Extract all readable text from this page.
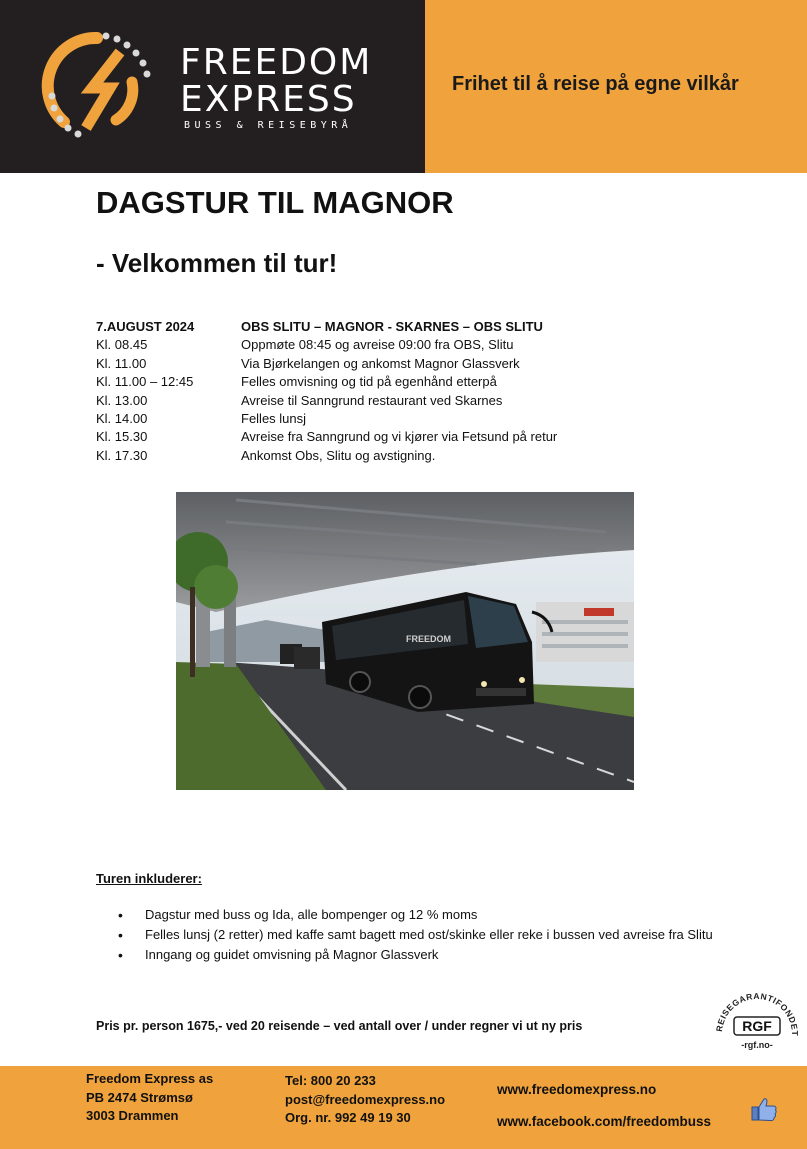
FREEDOM
EXPRESS
BUSS & REISEBYRÅ
Frihet til å reise på egne vilkår
DAGSTUR TIL MAGNOR
- Velkommen til tur!
7.AUGUST 2024	OBS SLITU – MAGNOR - SKARNES – OBS SLITU
Kl. 08.45	Oppmøte 08:45 og avreise 09:00 fra OBS, Slitu
Kl. 11.00	Via Bjørkelangen og ankomst Magnor Glassverk
Kl. 11.00 – 12:45	Felles omvisning og tid på egenhånd etterpå
Kl. 13.00	Avreise til Sanngrund restaurant ved Skarnes
Kl. 14.00	Felles lunsj
Kl. 15.30	Avreise fra Sanngrund og vi kjører via Fetsund på retur
Kl. 17.30	Ankomst Obs, Slitu og avstigning.
FREEDOM
Turen inkluderer:
• Dagstur med buss og Ida, alle bompenger og 12 % moms
• Felles lunsj (2 retter) med kaffe samt bagett med ost/skinke eller reke i bussen ved avreise fra Slitu
• Inngang og guidet omvisning på Magnor Glassverk
Pris pr. person 1675,- ved 20 reisende – ved antall over / under regner vi ut ny pris	REISEGARANTIFONDET
RGF
-rgf.no-
Freedom Express as
PB 2474 Strømsø
3003 Drammen
Tel: 800 20 233
post@freedomexpress.no
Org. nr. 992 49 19 30
www.freedomexpress.no
www.facebook.com/freedombuss
